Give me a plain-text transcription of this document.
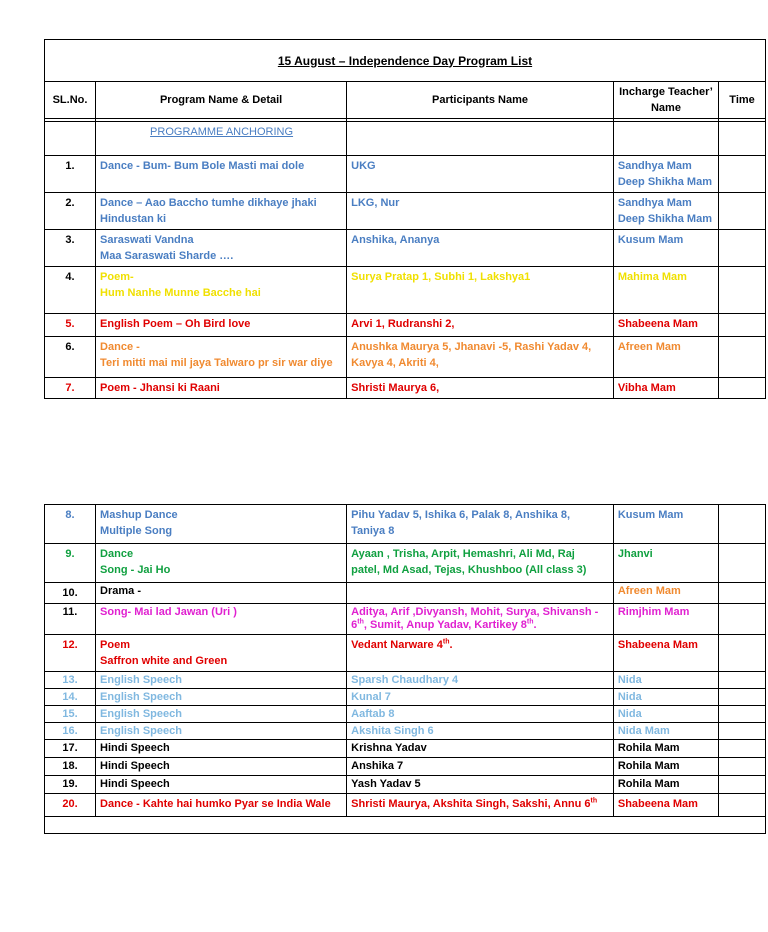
15 August – Independence Day Program List				
SL.No.	Program Name & Detail	Participants Name	Incharge Teacher’
Name	Time

	PROGRAMME ANCHORING			
1.	Dance - Bum- Bum Bole Masti mai dole	UKG	Sandhya Mam
Deep Shikha Mam	

2.	Dance – Aao Baccho tumhe dikhaye jhaki
Hindustan ki	LKG, Nur	Sandhya Mam
Deep Shikha Mam	

3.	Saraswati Vandna
Maa Saraswati Sharde ….	Anshika, Ananya	Kusum Mam	
4.	Poem-
Hum Nanhe Munne Bacche hai	Surya Pratap 1, Subhi 1, Lakshya1	Mahima Mam	
5.	English Poem – Oh Bird love	Arvi 1, Rudranshi 2,	Shabeena Mam	
6.	Dance -
Teri mitti mai mil jaya Talwaro pr sir war diye	Anushka Maurya 5, Jhanavi -5, Rashi Yadav 4,
Kavya 4, Akriti 4,	Afreen Mam	
7.	Poem - Jhansi ki Raani	Shristi Maurya 6,	Vibha Mam	
8.	Mashup Dance
Multiple Song	Pihu Yadav 5, Ishika 6, Palak 8, Anshika 8,
Taniya 8	Kusum Mam	
9.	Dance
Song - Jai Ho	Ayaan , Trisha, Arpit, Hemashri, Ali Md, Raj
patel, Md Asad, Tejas, Khushboo (All class 3)	Jhanvi	
10.	Drama -		Afreen Mam	
11.	Song- Mai lad Jawan (Uri )	Aditya, Arif ,Divyansh, Mohit, Surya, Shivansh -
6th, Sumit, Anup Yadav, Kartikey 8th.	Rimjhim Mam	
12.	Poem
Saffron white and Green	Vedant Narware 4th.	Shabeena Mam	
13.	English Speech	Sparsh Chaudhary 4	Nida	
14.	English Speech	Kunal 7	Nida	
15.	English Speech	Aaftab 8	Nida	
16.	English Speech	Akshita Singh 6	Nida Mam	
17.	Hindi Speech	Krishna Yadav	Rohila Mam	
18.	Hindi Speech	Anshika 7	Rohila Mam	
19.	Hindi Speech	Yash Yadav 5	Rohila Mam	
20.	Dance - Kahte hai humko Pyar se India Wale	Shristi Maurya, Akshita Singh, Sakshi, Annu 6th	Shabeena Mam	
